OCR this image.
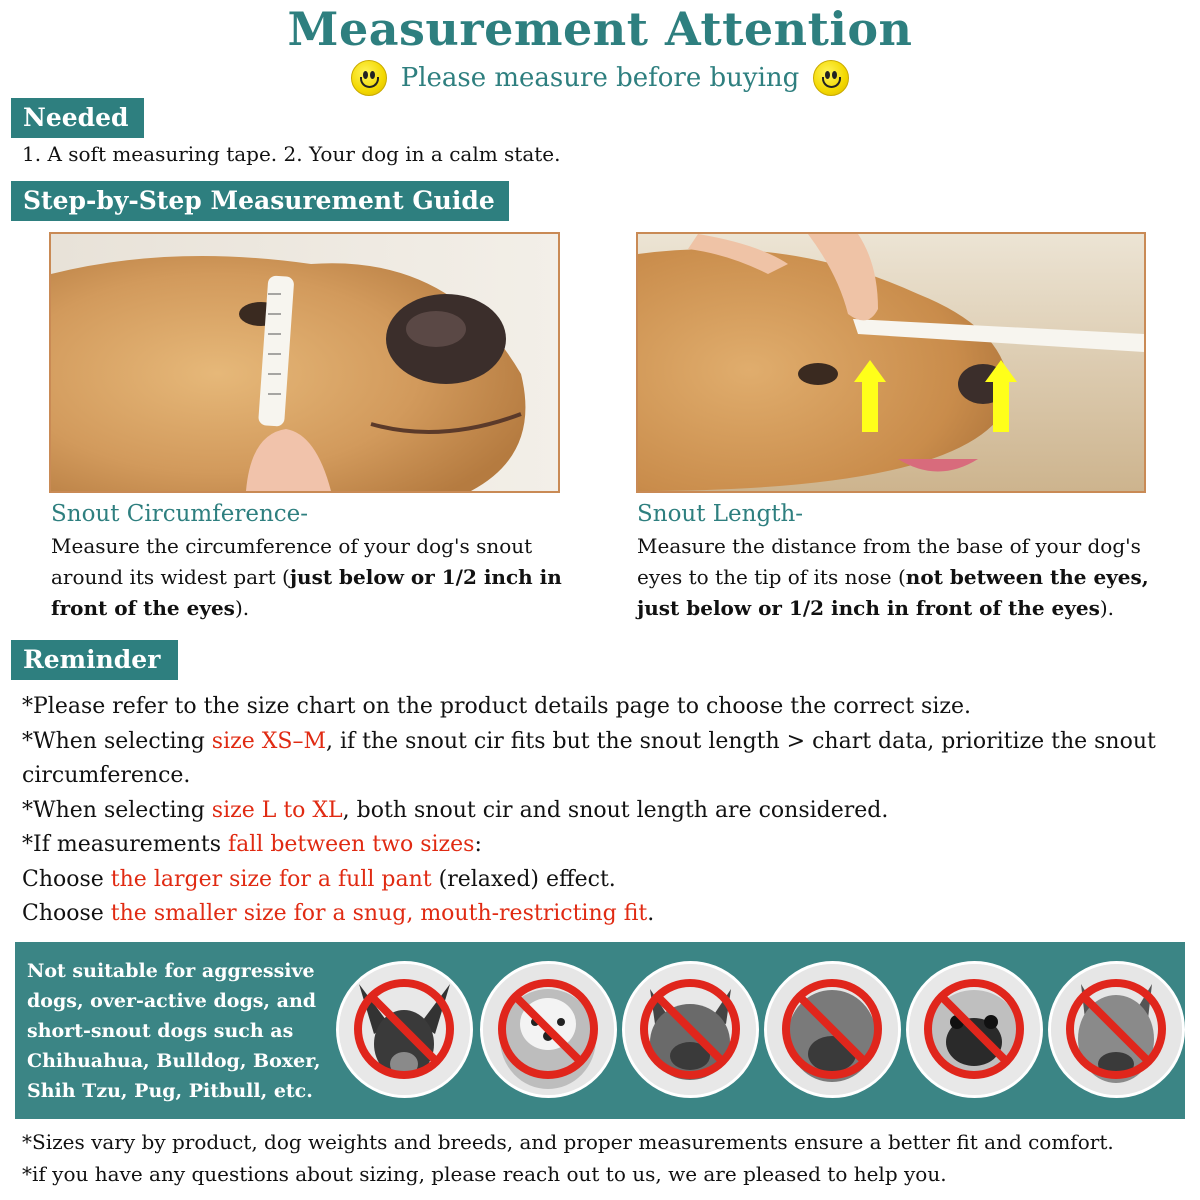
Measurement Attention
Please measure before buying
Needed
1. A soft measuring tape. 2. Your dog in a calm state.
Step-by-Step Measurement Guide
Snout Circumference-
Measure the circumference of your dog's snout around its widest part (just below or 1/2 inch in front of the eyes).
Snout Length-
Measure the distance from the base of your dog's eyes to the tip of its nose (not between the eyes, just below or 1/2 inch in front of the eyes).
Reminder
*Please refer to the size chart on the product details page to choose the correct size.
*When selecting size XS–M, if the snout cir fits but the snout length > chart data, prioritize the snout circumference.
*When selecting size L to XL, both snout cir and snout length are considered.
*If measurements fall between two sizes:
Choose the larger size for a full pant (relaxed) effect.
Choose the smaller size for a snug, mouth-restricting fit.
Not suitable for aggressive dogs, over-active dogs, and short-snout dogs such as Chihuahua, Bulldog, Boxer, Shih Tzu, Pug, Pitbull, etc.
*Sizes vary by product, dog weights and breeds, and proper measurements ensure a better fit and comfort.
*if you have any questions about sizing, please reach out to us, we are pleased to help you.
